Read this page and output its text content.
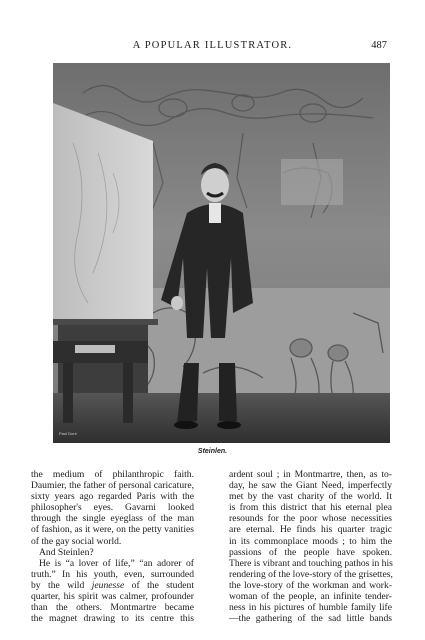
A POPULAR ILLUSTRATOR.	487
Paul Doré
Steinlen.
the medium of philanthropic faith.
Daumier, the father of personal caricature,
sixty years ago regarded Paris with the
philosopher's eyes. Gavarni looked
through the single eyeglass of the man
of fashion, as it were, on the petty vanities
of the gay social world.
And Steinlen?
He is “a lover of life,” “an adorer of
truth.” In his youth, even, surrounded
by the wild jeunesse of the student
quarter, his spirit was calmer, profounder
than the others. Montmartre became
the magnet drawing to its centre this
ardent soul ; in Montmartre, then, as to-
day, he saw the Giant Need, imperfectly
met by the vast charity of the world. It
is from this district that his eternal plea
resounds for the poor whose necessities
are eternal. He finds his quarter tragic
in its commonplace moods ; to him the
passions of the people have spoken.
There is vibrant and touching pathos in his
rendering of the love-story of the grisettes,
the love-story of the workman and work-
woman of the people, an infinite tender-
ness in his pictures of humble family life
—the gathering of the sad little bands
